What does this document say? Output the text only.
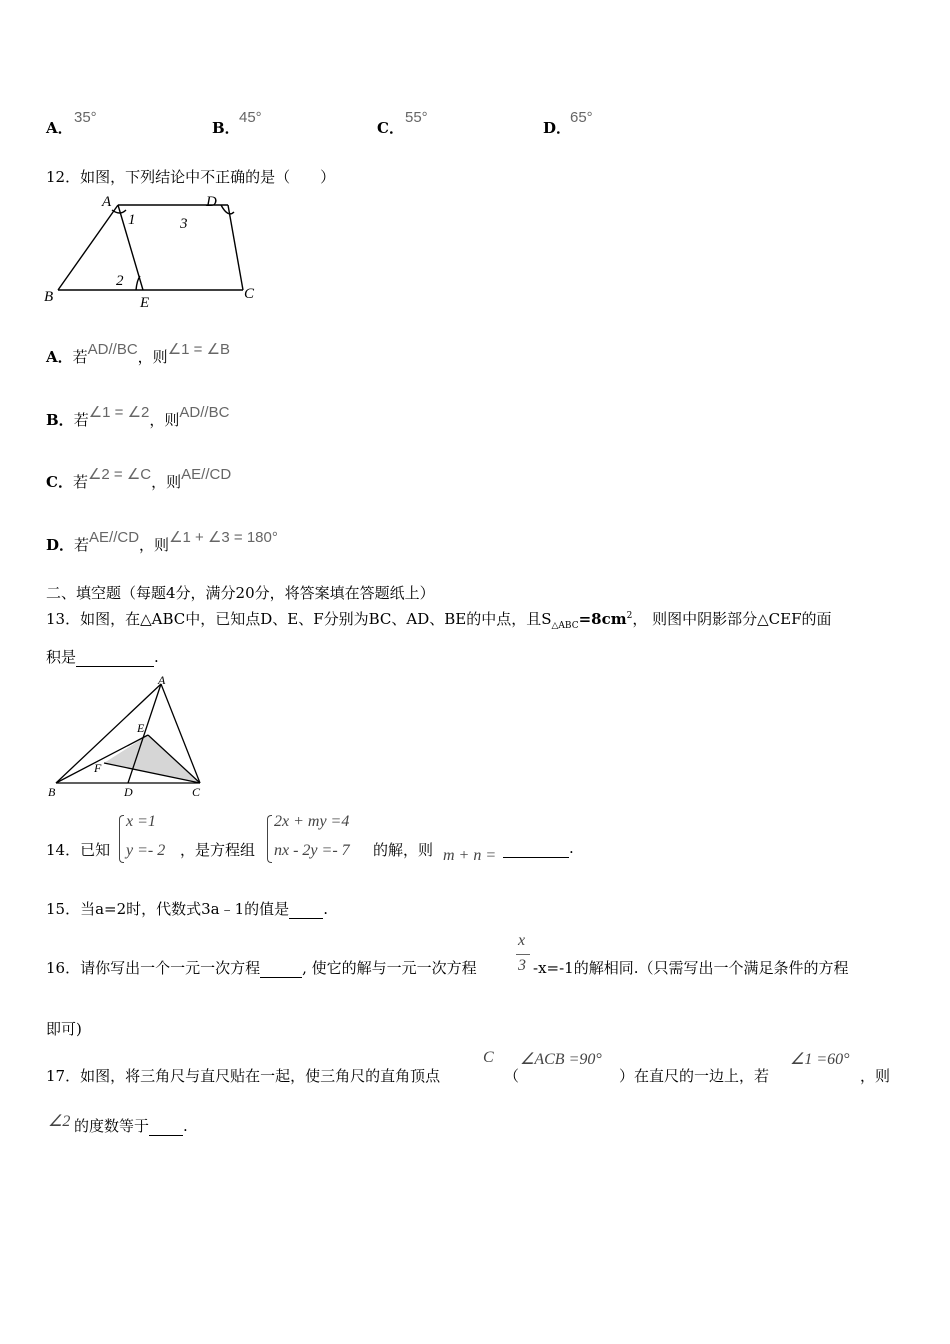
A．
35°
B．
45°
C．
55°
D．
65°
12．如图，下列结论中不正确的是（　　）
A	D
B	C
E
1	3
2
A．若AD//BC，则∠1 = ∠B
B．若∠1 = ∠2，则AD//BC
C．若∠2 = ∠C，则AE//CD
D．若AE//CD，则∠1 + ∠3 = 180°
二、填空题（每题4分，满分20分，将答案填在答题纸上）
13．如图，在△ABC中，已知点D、E、F分别为BC、AD、BE的中点，且$S_{\triangle ABC}=8cm^2$， 则图中阴影部分△CEF的面
积是	.
A
E
F
B	D	C
14．已知
x =1
y =- 2 ，是方程组
2x + my =4
nx - 2y =- 7 的解，则 m + n =	.
15．当a=2时，代数式3a﹣1的值是 .
16．请你写出一个一元一次方程	, 使它的解与一元一次方程
x
3 -x=-1的解相同.（只需写出一个满足条件的方程
即可)
17．如图，将三角尺与直尺贴在一起，使三角尺的直角顶点
C
（
∠ACB =90°
）在直尺的一边上，若
∠1 =60°
，则
∠2 的度数等于 .
